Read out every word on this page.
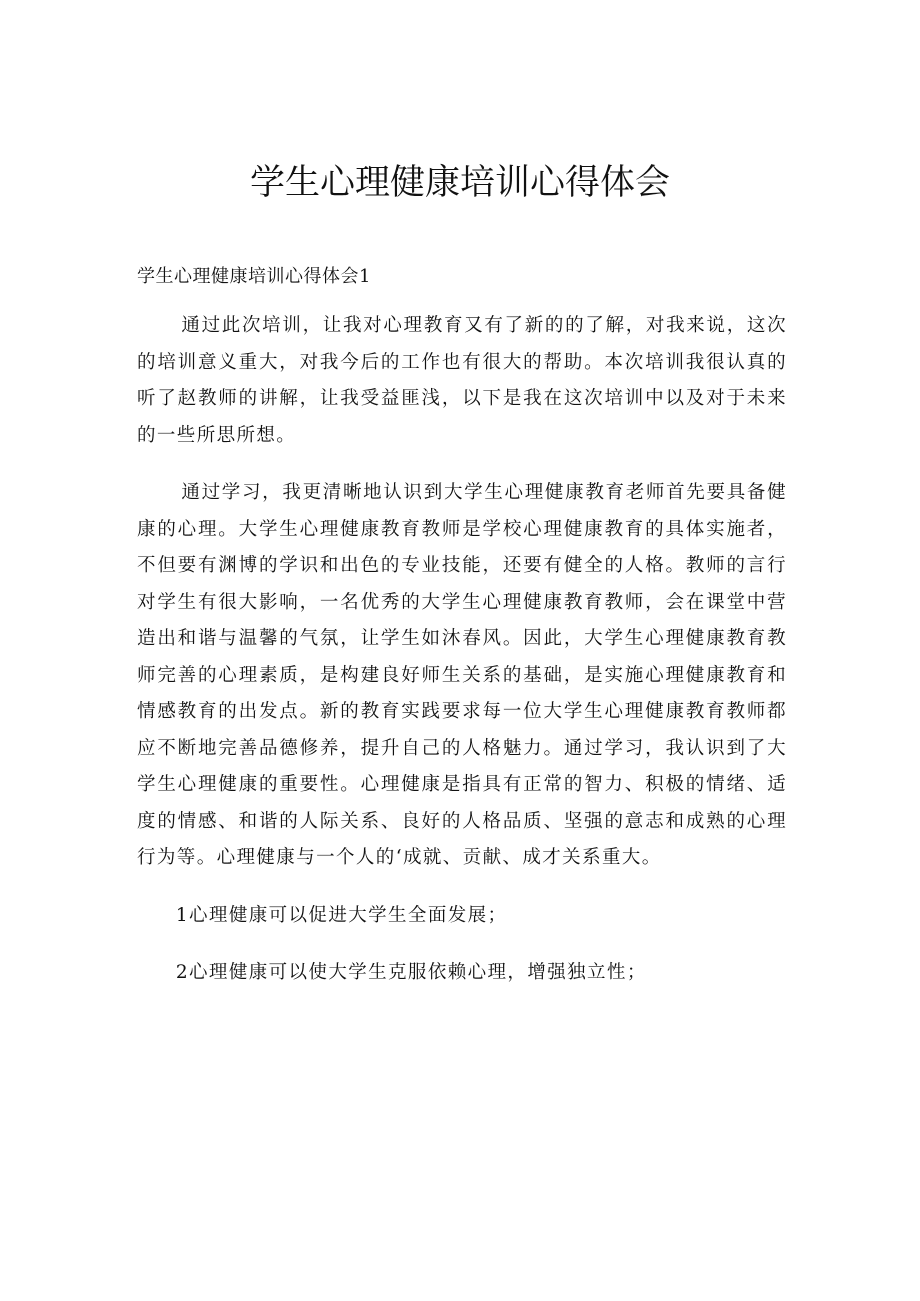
学生心理健康培训心得体会
学生心理健康培训心得体会1

通过此次培训，让我对心理教育又有了新的的了解，对我来说，这次的培训意义重大，对我今后的工作也有很大的帮助。本次培训我很认真的听了赵教师的讲解，让我受益匪浅，以下是我在这次培训中以及对于未来的一些所思所想。

通过学习，我更清晰地认识到大学生心理健康教育老师首先要具备健康的心理。大学生心理健康教育教师是学校心理健康教育的具体实施者，不但要有渊博的学识和出色的专业技能，还要有健全的人格。教师的言行对学生有很大影响，一名优秀的大学生心理健康教育教师，会在课堂中营造出和谐与温馨的气氛，让学生如沐春风。因此，大学生心理健康教育教师完善的心理素质，是构建良好师生关系的基础，是实施心理健康教育和情感教育的出发点。新的教育实践要求每一位大学生心理健康教育教师都应不断地完善品德修养，提升自己的人格魅力。通过学习，我认识到了大学生心理健康的重要性。心理健康是指具有正常的智力、积极的情绪、适度的情感、和谐的人际关系、良好的人格品质、坚强的意志和成熟的心理行为等。心理健康与一个人的‘成就、贡献、成才关系重大。

1心理健康可以促进大学生全面发展；

2心理健康可以使大学生克服依赖心理，增强独立性；
